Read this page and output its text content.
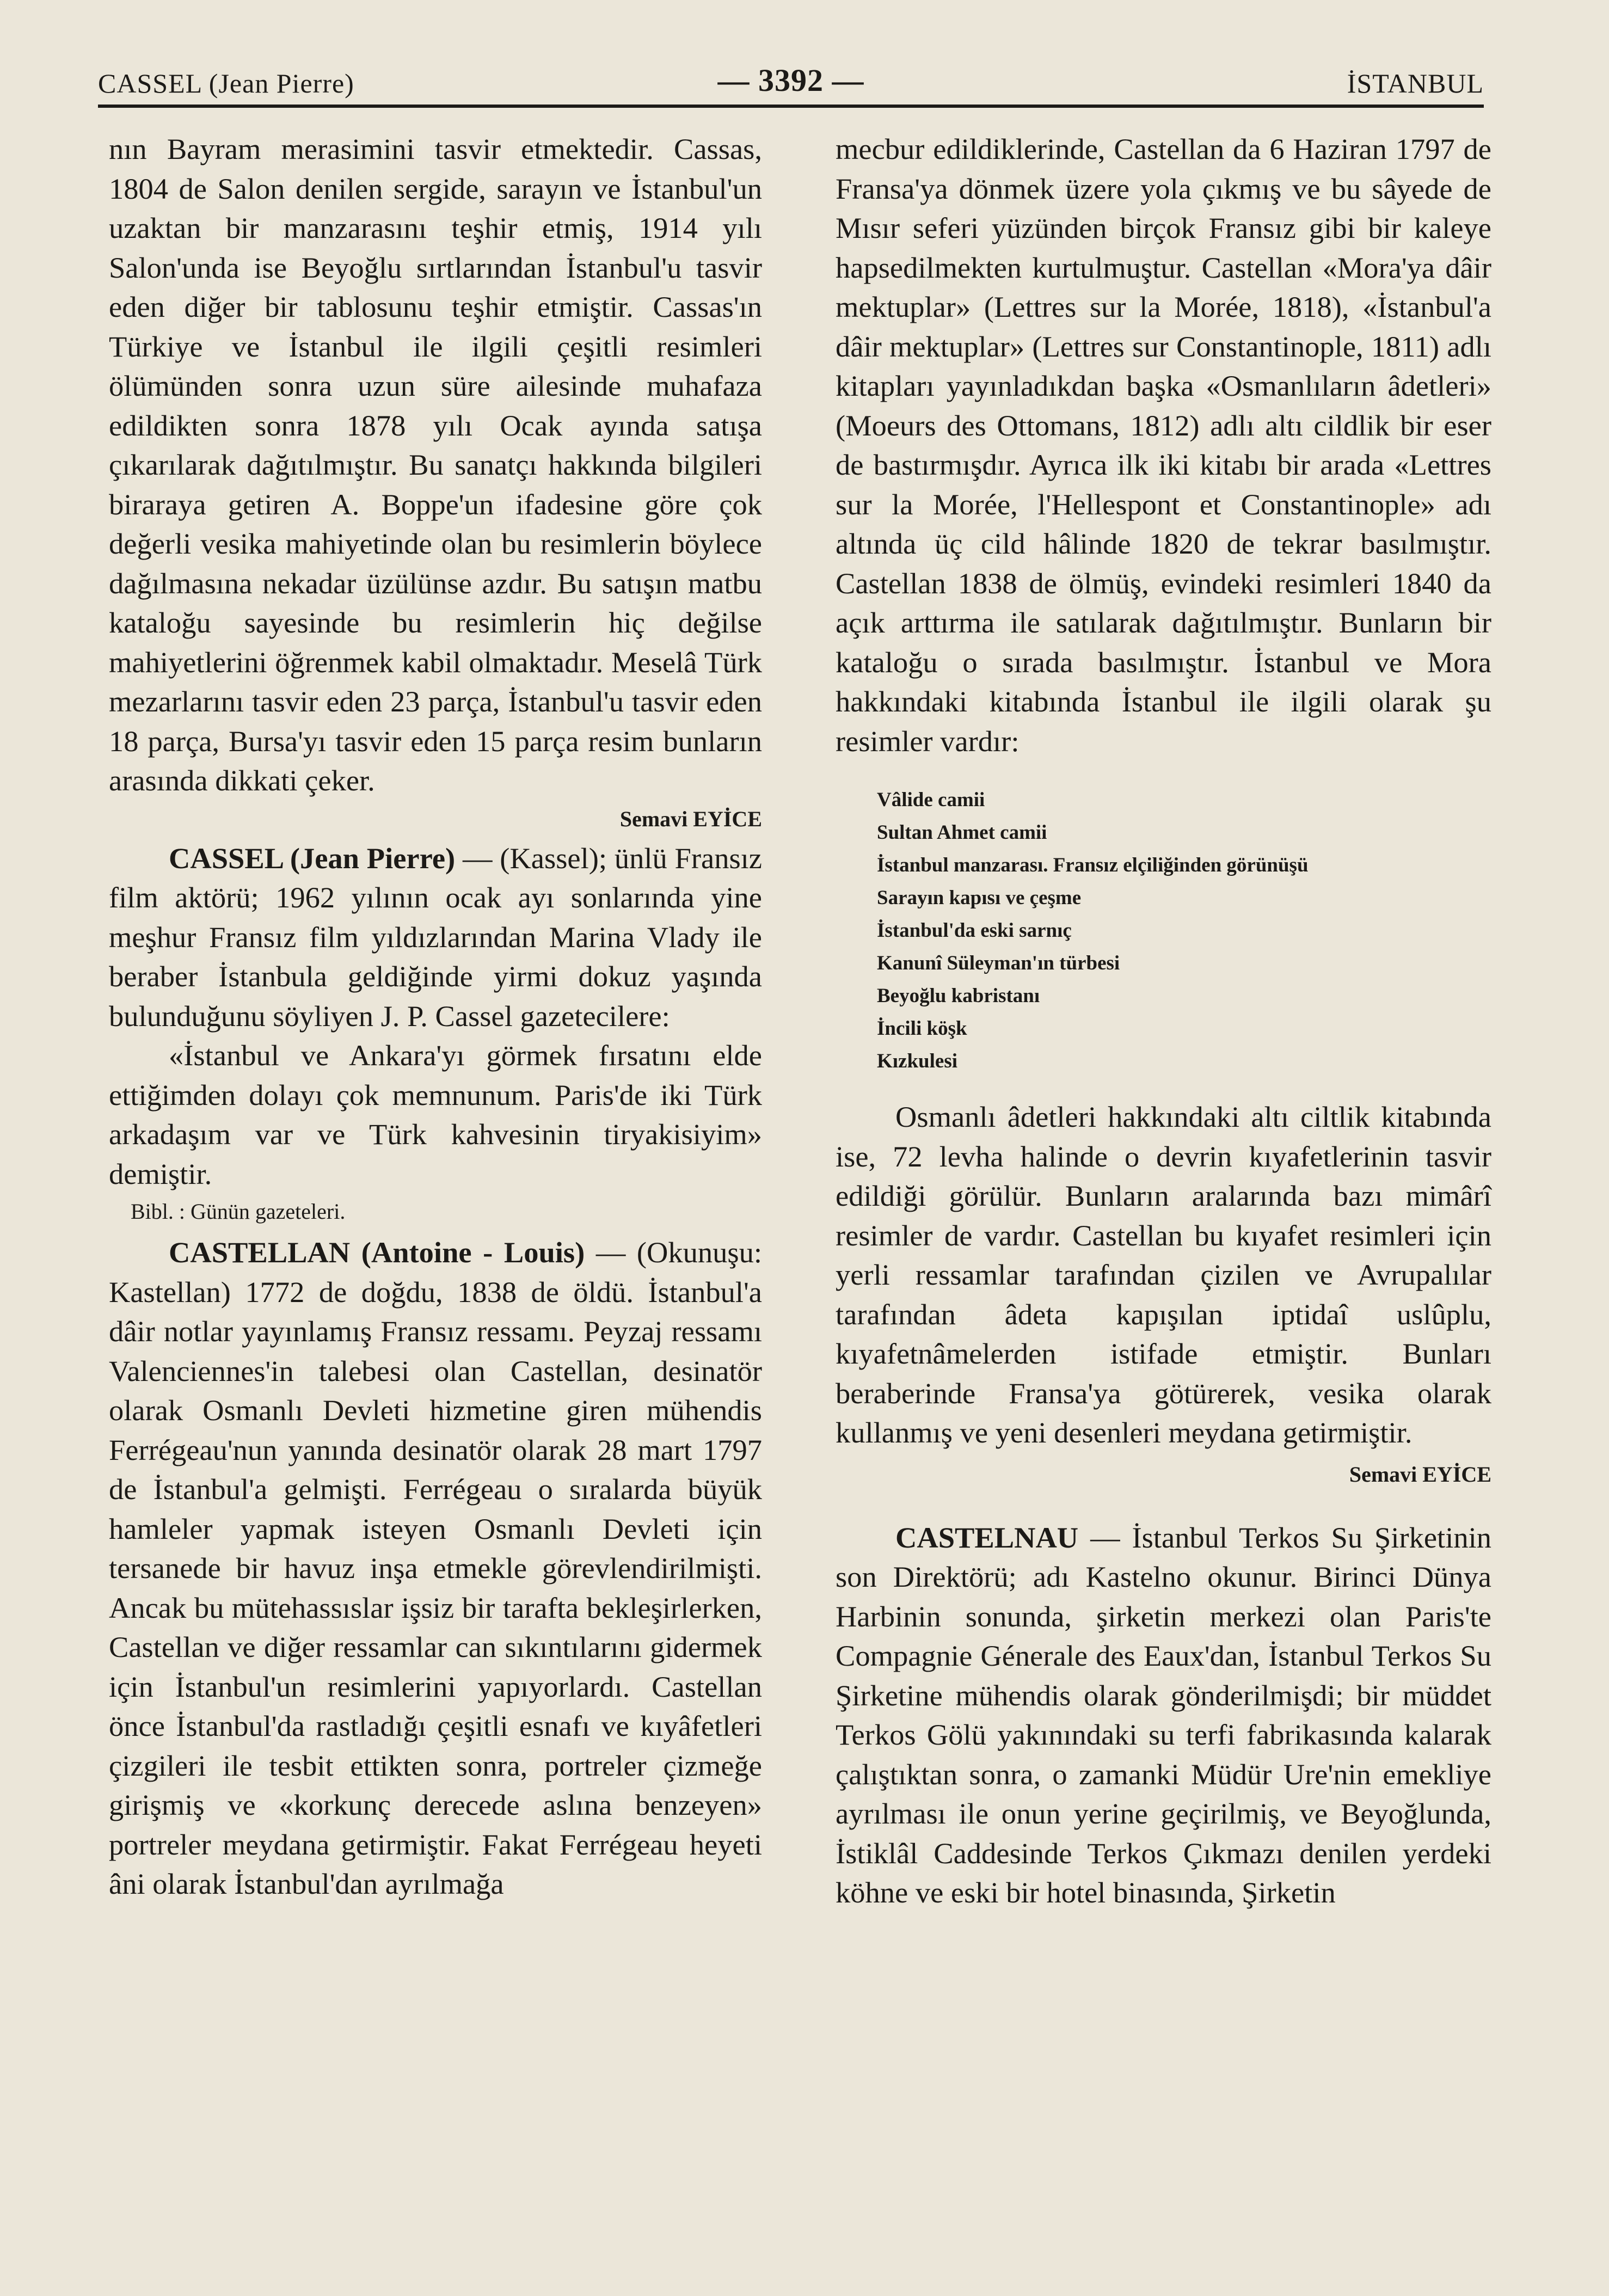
CASSEL (Jean Pierre)	— 3392 —	İSTANBUL

nın Bayram merasimini tasvir etmektedir. Cassas, 1804 de Salon denilen sergide, sarayın ve İstanbul'un uzaktan bir manzarasını teşhir etmiş, 1914 yılı Salon'unda ise Beyoğlu sırtlarından İstanbul'u tasvir eden diğer bir tablosunu teşhir etmiştir. Cassas'ın Türkiye ve İstanbul ile ilgili çeşitli resimleri ölümünden sonra uzun süre ailesinde muhafaza edildikten sonra 1878 yılı Ocak ayında satışa çıkarılarak dağıtılmıştır. Bu sanatçı hakkında bilgileri biraraya getiren A. Boppe'un ifadesine göre çok değerli vesika mahiyetinde olan bu resimlerin böylece dağılmasına nekadar üzülünse azdır. Bu satışın matbu kataloğu sayesinde bu resimlerin hiç değilse mahiyetlerini öğrenmek kabil olmaktadır. Meselâ Türk mezarlarını tasvir eden 23 parça, İstanbul'u tasvir eden 18 parça, Bursa'yı tasvir eden 15 parça resim bunların arasında dikkati çeker.

Semavi EYİCE

CASSEL (Jean Pierre) — (Kassel); ünlü Fransız film aktörü; 1962 yılının ocak ayı sonlarında yine meşhur Fransız film yıldızlarından Marina Vlady ile beraber İstanbula geldiğinde yirmi dokuz yaşında bulunduğunu söyliyen J. P. Cassel gazetecilere:

«İstanbul ve Ankara'yı görmek fırsatını elde ettiğimden dolayı çok memnunum. Paris'de iki Türk arkadaşım var ve Türk kahvesinin tiryakisiyim» demiştir.

Bibl. : Günün gazeteleri.

CASTELLAN (Antoine - Louis) — (Okunuşu: Kastellan) 1772 de doğdu, 1838 de öldü. İstanbul'a dâir notlar yayınlamış Fransız ressamı. Peyzaj ressamı Valenciennes'in talebesi olan Castellan, desinatör olarak Osmanlı Devleti hizmetine giren mühendis Ferrégeau'nun yanında desinatör olarak 28 mart 1797 de İstanbul'a gelmişti. Ferrégeau o sıralarda büyük hamleler yapmak isteyen Osmanlı Devleti için tersanede bir havuz inşa etmekle görevlendirilmişti. Ancak bu mütehassıslar işsiz bir tarafta bekleşirlerken, Castellan ve diğer ressamlar can sıkıntılarını gidermek için İstanbul'un resimlerini yapıyorlardı. Castellan önce İstanbul'da rastladığı çeşitli esnafı ve kıyâfetleri çizgileri ile tesbit ettikten sonra, portreler çizmeğe girişmiş ve «korkunç derecede aslına benzeyen» portreler meydana getirmiştir. Fakat Ferrégeau heyeti âni olarak İstanbul'dan ayrılmağa

mecbur edildiklerinde, Castellan da 6 Haziran 1797 de Fransa'ya dönmek üzere yola çıkmış ve bu sâyede de Mısır seferi yüzünden birçok Fransız gibi bir kaleye hapsedilmekten kurtulmuştur. Castellan «Mora'ya dâir mektuplar» (Lettres sur la Morée, 1818), «İstanbul'a dâir mektuplar» (Lettres sur Constantinople, 1811) adlı kitapları yayınladıkdan başka «Osmanlıların âdetleri» (Moeurs des Ottomans, 1812) adlı altı cildlik bir eser de bastırmışdır. Ayrıca ilk iki kitabı bir arada «Lettres sur la Morée, l'Hellespont et Constantinople» adı altında üç cild hâlinde 1820 de tekrar basılmıştır. Castellan 1838 de ölmüş, evindeki resimleri 1840 da açık arttırma ile satılarak dağıtılmıştır. Bunların bir kataloğu o sırada basılmıştır. İstanbul ve Mora hakkındaki kitabında İstanbul ile ilgili olarak şu resimler vardır:

Vâlide camii
Sultan Ahmet camii
İstanbul manzarası. Fransız elçiliğinden görünüşü
Sarayın kapısı ve çeşme
İstanbul'da eski sarnıç
Kanunî Süleyman'ın türbesi
Beyoğlu kabristanı
İncili köşk
Kızkulesi

Osmanlı âdetleri hakkındaki altı ciltlik kitabında ise, 72 levha halinde o devrin kıyafetlerinin tasvir edildiği görülür. Bunların aralarında bazı mimârî resimler de vardır. Castellan bu kıyafet resimleri için yerli ressamlar tarafından çizilen ve Avrupalılar tarafından âdeta kapışılan iptidaî uslûplu, kıyafetnâmelerden istifade etmiştir. Bunları beraberinde Fransa'ya götürerek, vesika olarak kullanmış ve yeni desenleri meydana getirmiştir.

Semavi EYİCE

CASTELNAU — İstanbul Terkos Su Şirketinin son Direktörü; adı Kastelno okunur. Birinci Dünya Harbinin sonunda, şirketin merkezi olan Paris'te Compagnie Génerale des Eaux'dan, İstanbul Terkos Su Şirketine mühendis olarak gönderilmişdi; bir müddet Terkos Gölü yakınındaki su terfi fabrikasında kalarak çalıştıktan sonra, o zamanki Müdür Ure'nin emekliye ayrılması ile onun yerine geçirilmiş, ve Beyoğlunda, İstiklâl Caddesinde Terkos Çıkmazı denilen yerdeki köhne ve eski bir hotel binasında, Şirketin
